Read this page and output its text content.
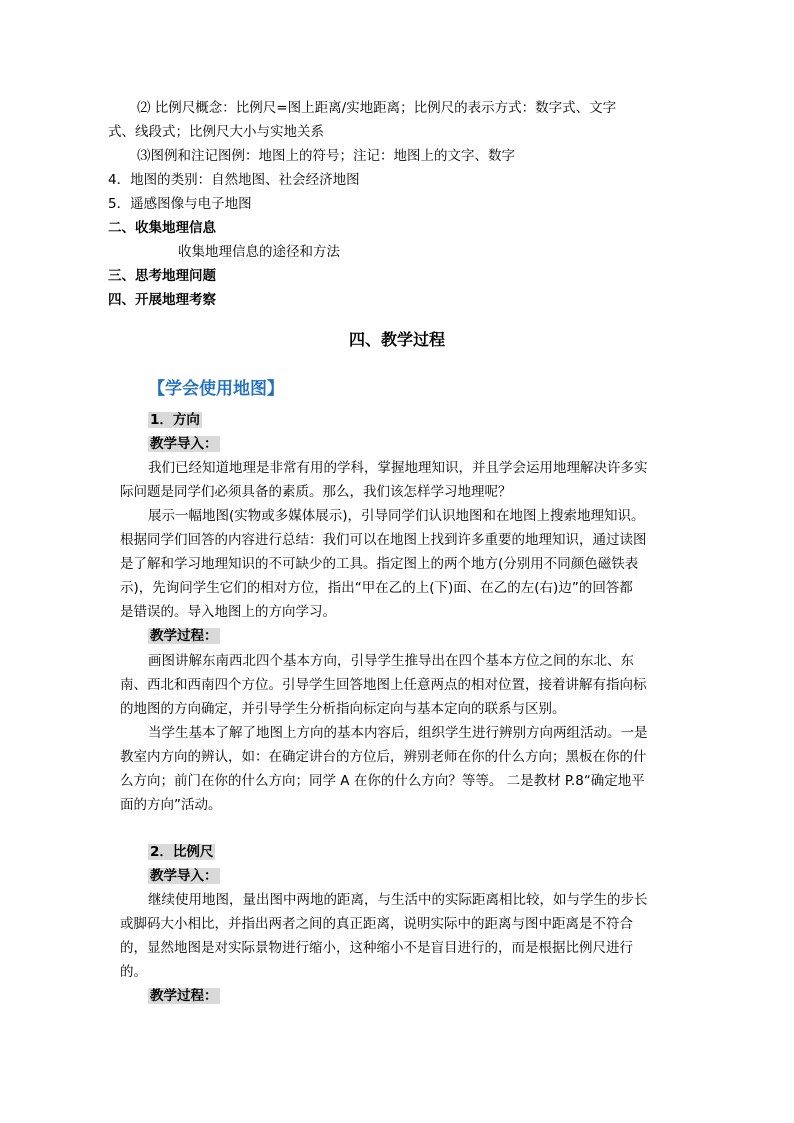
⑵ 比例尺概念：比例尺=图上距离/实地距离；比例尺的表示方式：数字式、文字
式、线段式；比例尺大小与实地关系
⑶图例和注记图例：地图上的符号；注记：地图上的文字、数字
4．地图的类别：自然地图、社会经济地图
5．遥感图像与电子地图
二、收集地理信息
收集地理信息的途径和方法
三、思考地理问题
四、开展地理考察
四、教学过程
【学会使用地图】
1．方向
教学导入：
我们已经知道地理是非常有用的学科，掌握地理知识，并且学会运用地理解决许多实
际问题是同学们必须具备的素质。那么，我们该怎样学习地理呢？
展示一幅地图(实物或多媒体展示)，引导同学们认识地图和在地图上搜索地理知识。
根据同学们回答的内容进行总结：我们可以在地图上找到许多重要的地理知识，通过读图
是了解和学习地理知识的不可缺少的工具。指定图上的两个地方(分别用不同颜色磁铁表
示)，先询问学生它们的相对方位，指出“甲在乙的上(下)面、在乙的左(右)边”的回答都
是错误的。导入地图上的方向学习。
教学过程：
画图讲解东南西北四个基本方向，引导学生推导出在四个基本方位之间的东北、东
南、西北和西南四个方位。引导学生回答地图上任意两点的相对位置，接着讲解有指向标
的地图的方向确定，并引导学生分析指向标定向与基本定向的联系与区别。
当学生基本了解了地图上方向的基本内容后，组织学生进行辨别方向两组活动。一是
教室内方向的辨认，如：在确定讲台的方位后，辨别老师在你的什么方向；黑板在你的什
么方向；前门在你的什么方向；同学 A 在你的什么方向？等等。 二是教材 P.8“确定地平
面的方向”活动。
2．比例尺
教学导入：
继续使用地图，量出图中两地的距离，与生活中的实际距离相比较，如与学生的步长
或脚码大小相比，并指出两者之间的真正距离，说明实际中的距离与图中距离是不符合
的，显然地图是对实际景物进行缩小，这种缩小不是盲目进行的，而是根据比例尺进行
的。
教学过程：
